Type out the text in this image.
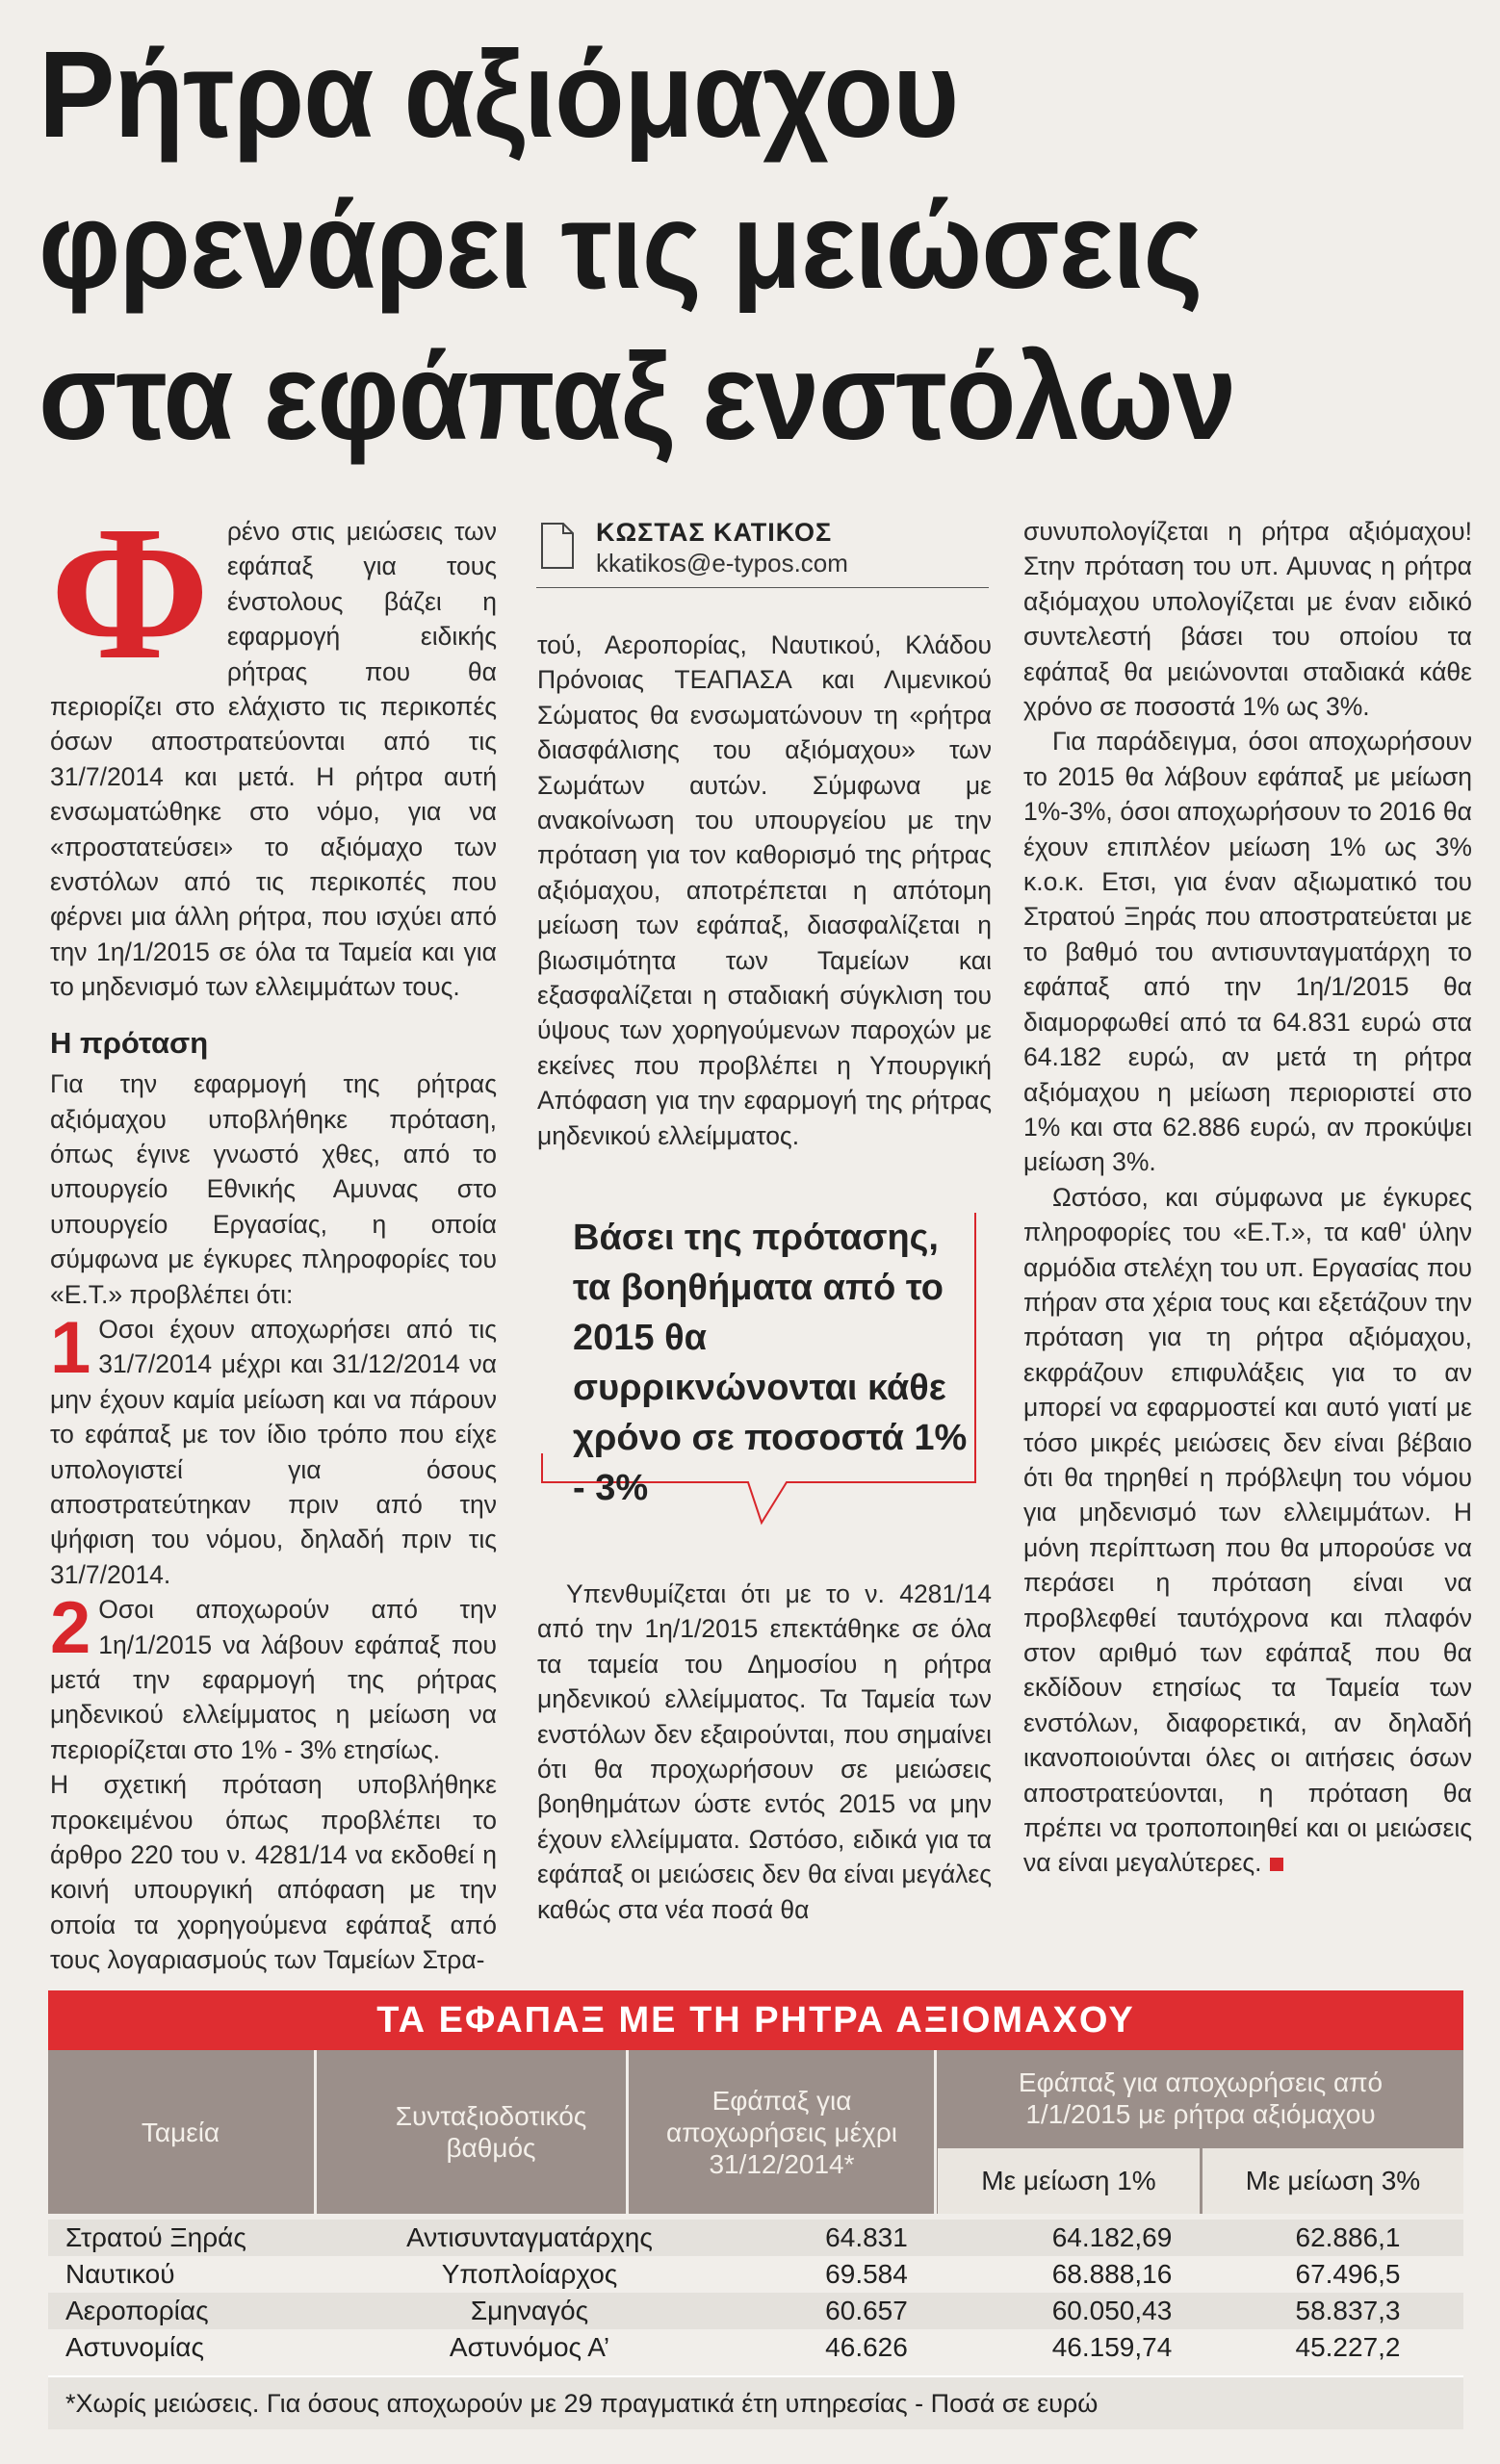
Ρήτρα αξιόμαχου
φρενάρει τις μειώσεις
στα εφάπαξ ενστόλων

Φ ρένο στις μειώσεις των εφάπαξ για τους ένστολους βάζει η εφαρμογή ειδικής ρήτρας που θα περιορίζει στο ελάχιστο τις περικοπές όσων αποστρατεύονται από τις 31/7/2014 και μετά. Η ρήτρα αυτή ενσωματώθηκε στο νόμο, για να «προστατεύσει» το αξιόμαχο των ενστόλων από τις περικοπές που φέρνει μια άλλη ρήτρα, που ισχύει από την 1η/1/2015 σε όλα τα Ταμεία και για το μηδενισμό των ελλειμμάτων τους.

Η πρόταση

Για την εφαρμογή της ρήτρας αξιόμαχου υποβλήθηκε πρόταση, όπως έγινε γνωστό χθες, από το υπουργείο Εθνικής Αμυνας στο υπουργείο Εργασίας, η οποία σύμφωνα με έγκυρες πληροφορίες του «Ε.Τ.» προβλέπει ότι:

1 Οσοι έχουν αποχωρήσει από τις 31/7/2014 μέχρι και 31/12/2014 να μην έχουν καμία μείωση και να πάρουν το εφάπαξ με τον ίδιο τρόπο που είχε υπολογιστεί για όσους αποστρατεύτηκαν πριν από την ψήφιση του νόμου, δηλαδή πριν τις 31/7/2014.

2 Οσοι αποχωρούν από την 1η/1/2015 να λάβουν εφάπαξ που μετά την εφαρμογή της ρήτρας μηδενικού ελλείμματος η μείωση να περιορίζεται στο 1% - 3% ετησίως.

Η σχετική πρόταση υποβλήθηκε προκειμένου όπως προβλέπει το άρθρο 220 του ν. 4281/14 να εκδοθεί η κοινή υπουργική απόφαση με την οποία τα χορηγούμενα εφάπαξ από τους λογαριασμούς των Ταμείων Στρα-

ΚΩΣΤΑΣ ΚΑΤΙΚΟΣ
kkatikos@e-typos.com

τού, Αεροπορίας, Ναυτικού, Κλάδου Πρόνοιας ΤΕΑΠΑΣΑ και Λιμενικού Σώματος θα ενσωματώνουν τη «ρήτρα διασφάλισης του αξιόμαχου» των Σωμάτων αυτών. Σύμφωνα με ανακοίνωση του υπουργείου με την πρόταση για τον καθορισμό της ρήτρας αξιόμαχου, αποτρέπεται η απότομη μείωση των εφάπαξ, διασφαλίζεται η βιωσιμότητα των Ταμείων και εξασφαλίζεται η σταδιακή σύγκλιση του ύψους των χορηγούμενων παροχών με εκείνες που προβλέπει η Υπουργική Απόφαση για την εφαρμογή της ρήτρας μηδενικού ελλείμματος.

Βάσει της πρότασης, τα βοηθήματα από το 2015 θα συρρικνώνονται κάθε χρόνο σε ποσοστά 1% - 3%

Υπενθυμίζεται ότι με το ν. 4281/14 από την 1η/1/2015 επεκτάθηκε σε όλα τα ταμεία του Δημοσίου η ρήτρα μηδενικού ελλείμματος. Τα Ταμεία των ενστόλων δεν εξαιρούνται, που σημαίνει ότι θα προχωρήσουν σε μειώσεις βοηθημάτων ώστε εντός 2015 να μην έχουν ελλείμματα. Ωστόσο, ειδικά για τα εφάπαξ οι μειώσεις δεν θα είναι μεγάλες καθώς στα νέα ποσά θα

συνυπολογίζεται η ρήτρα αξιόμαχου! Στην πρόταση του υπ. Αμυνας η ρήτρα αξιόμαχου υπολογίζεται με έναν ειδικό συντελεστή βάσει του οποίου τα εφάπαξ θα μειώνονται σταδιακά κάθε χρόνο σε ποσοστά 1% ως 3%.

Για παράδειγμα, όσοι αποχωρήσουν το 2015 θα λάβουν εφάπαξ με μείωση 1%-3%, όσοι αποχωρήσουν το 2016 θα έχουν επιπλέον μείωση 1% ως 3% κ.ο.κ. Ετσι, για έναν αξιωματικό του Στρατού Ξηράς που αποστρατεύεται με το βαθμό του αντισυνταγματάρχη το εφάπαξ από την 1η/1/2015 θα διαμορφωθεί από τα 64.831 ευρώ στα 64.182 ευρώ, αν μετά τη ρήτρα αξιόμαχου η μείωση περιοριστεί στο 1% και στα 62.886 ευρώ, αν προκύψει μείωση 3%.

Ωστόσο, και σύμφωνα με έγκυρες πληροφορίες του «Ε.Τ.», τα καθ' ύλην αρμόδια στελέχη του υπ. Εργασίας που πήραν στα χέρια τους και εξετάζουν την πρόταση για τη ρήτρα αξιόμαχου, εκφράζουν επιφυλάξεις για το αν μπορεί να εφαρμοστεί και αυτό γιατί με τόσο μικρές μειώσεις δεν είναι βέβαιο ότι θα τηρηθεί η πρόβλεψη του νόμου για μηδενισμό των ελλειμμάτων. Η μόνη περίπτωση που θα μπορούσε να περάσει η πρόταση είναι να προβλεφθεί ταυτόχρονα και πλαφόν στον αριθμό των εφάπαξ που θα εκδίδουν ετησίως τα Ταμεία των ενστόλων, διαφορετικά, αν δηλαδή ικανοποιούνται όλες οι αιτήσεις όσων αποστρατεύονται, η πρόταση θα πρέπει να τροποποιηθεί και οι μειώσεις να είναι μεγαλύτερες.

ΤΑ ΕΦΑΠΑΞ ΜΕ ΤΗ ΡΗΤΡΑ ΑΞΙΟΜΑΧΟΥ
Ταμεία
Συνταξιοδοτικός βαθμός
Εφάπαξ για αποχωρήσεις μέχρι 31/12/2014*
Εφάπαξ για αποχωρήσεις από 1/1/2015 με ρήτρα αξιόμαχου
Με μείωση 1%	Με μείωση 3%
Στρατού Ξηράς	Αντισυνταγματάρχης	64.831	64.182,69	62.886,1
Ναυτικού	Υποπλοίαρχος	69.584	68.888,16	67.496,5
Αεροπορίας	Σμηναγός	60.657	60.050,43	58.837,3
Αστυνομίας	Αστυνόμος Α’	46.626	46.159,74	45.227,2
*Χωρίς μειώσεις. Για όσους αποχωρούν με 29 πραγματικά έτη υπηρεσίας - Ποσά σε ευρώ
